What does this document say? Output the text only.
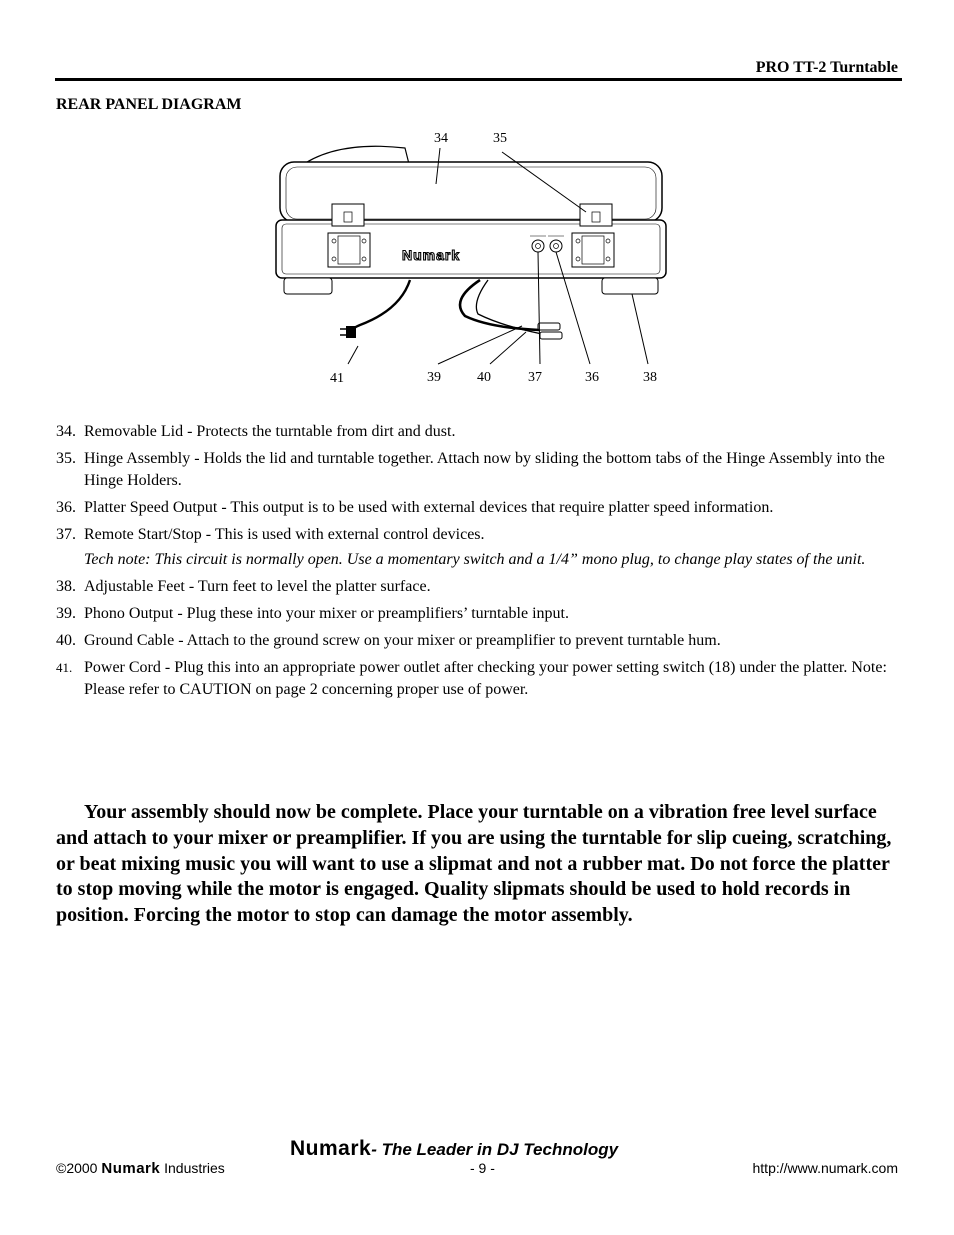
PRO TT-2 Turntable
REAR PANEL DIAGRAM
Numark
34	35
41	39	40	37	36	38
34. Removable Lid - Protects the turntable from dirt and dust.
35. Hinge Assembly - Holds the lid and turntable together. Attach now by sliding the bottom tabs of the Hinge Assembly into the Hinge Holders.
36. Platter Speed Output - This output is to be used with external devices that require platter speed information.
37. Remote Start/Stop - This is used with external control devices.
Tech note: This circuit is normally open. Use a momentary switch and a 1/4” mono plug, to change play states of the unit.
38. Adjustable Feet - Turn feet to level the platter surface.
39. Phono Output - Plug these into your mixer or preamplifiers’ turntable input.
40. Ground Cable - Attach to the ground screw on your mixer or preamplifier to prevent turntable hum.
41. Power Cord - Plug this into an appropriate power outlet after checking your power setting switch (18) under the platter. Note: Please refer to CAUTION on page 2 concerning proper use of power.

Your assembly should now be complete. Place your turntable on a vibration free level surface and attach to your mixer or preamplifier. If you are using the turntable for slip cueing, scratching, or beat mixing music you will want to use a slipmat and not a rubber mat. Do not force the platter to stop moving while the motor is engaged. Quality slipmats should be used to hold records in position. Forcing the motor to stop can damage the motor assembly.

Numark- The Leader in DJ Technology
©2000 Numark Industries	- 9 -	http://www.numark.com
